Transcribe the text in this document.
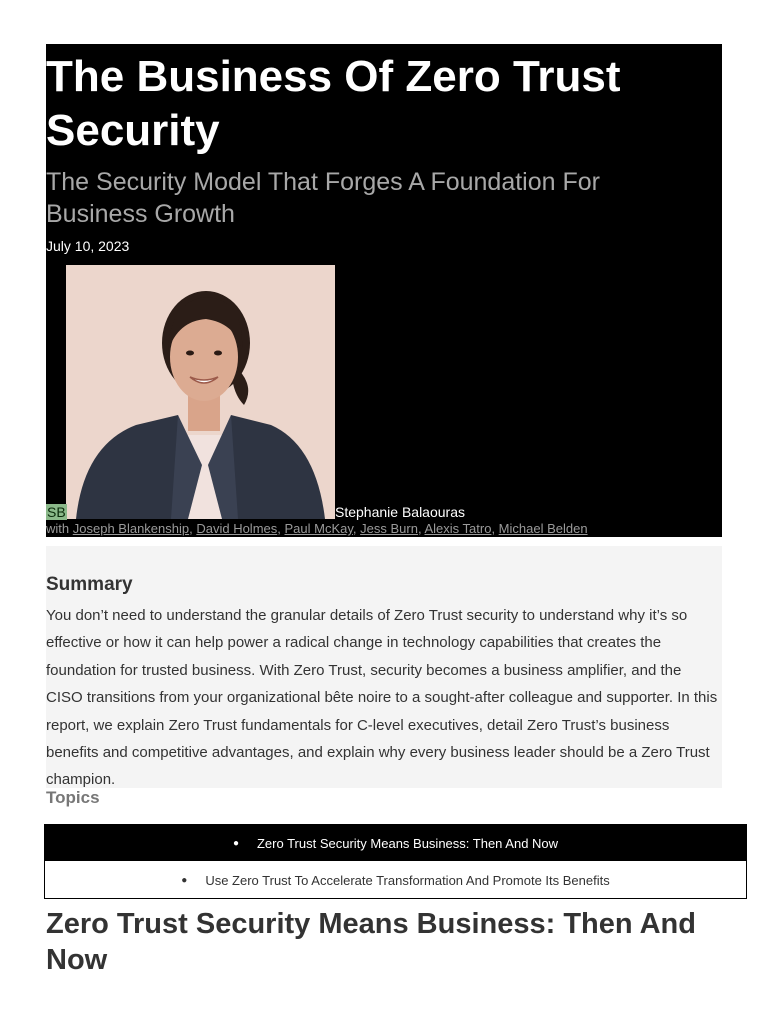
The Business Of Zero Trust Security
The Security Model That Forges A Foundation For Business Growth
July 10, 2023
SB	Stephanie Balaouras
with Joseph Blankenship, David Holmes, Paul McKay, Jess Burn, Alexis Tatro, Michael Belden
Summary

You don’t need to understand the granular details of Zero Trust security to understand why it’s so effective or how it can help power a radical change in technology capabilities that creates the foundation for trusted business. With Zero Trust, security becomes a business amplifier, and the CISO transitions from your organizational bête noire to a sought-after colleague and supporter. In this report, we explain Zero Trust fundamentals for C-level executives, detail Zero Trust’s business benefits and competitive advantages, and explain why every business leader should be a Zero Trust champion.

Topics
● Zero Trust Security Means Business: Then And Now
● Use Zero Trust To Accelerate Transformation And Promote Its Benefits
Zero Trust Security Means Business: Then And Now
